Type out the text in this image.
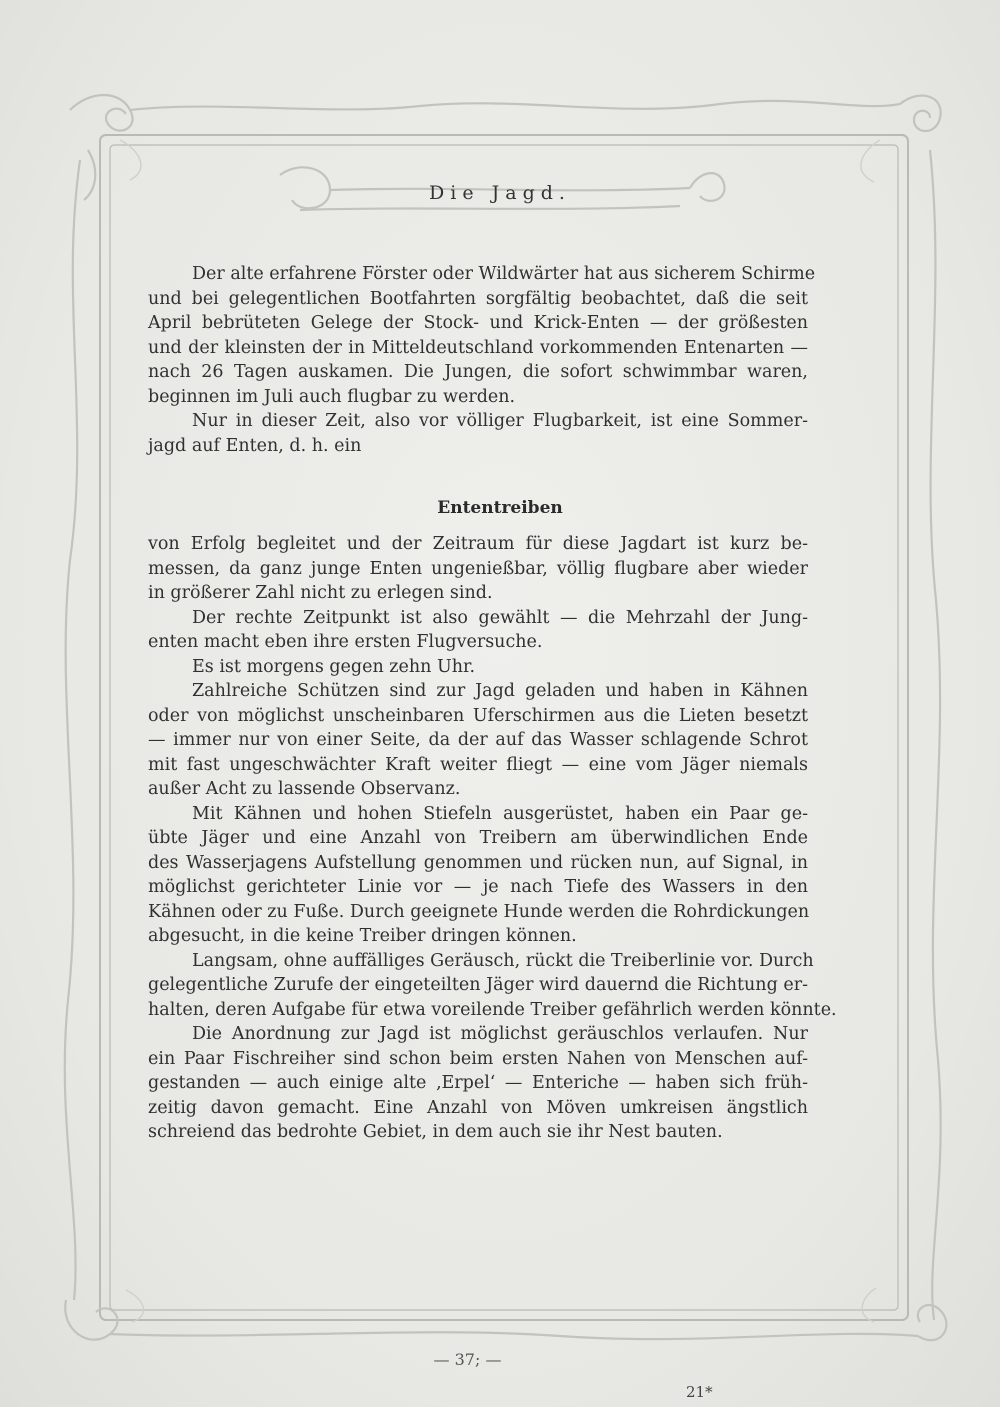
Die Jagd.
Der alte erfahrene Förster oder Wildwärter hat aus sicherem Schirme
und bei gelegentlichen Bootfahrten sorgfältig beobachtet, daß die seit
April bebrüteten Gelege der Stock- und Krick-Enten — der größesten
und der kleinsten der in Mitteldeutschland vorkommenden Entenarten —
nach 26 Tagen auskamen. Die Jungen, die sofort schwimmbar waren,
beginnen im Juli auch flugbar zu werden.
Nur in dieser Zeit, also vor völliger Flugbarkeit, ist eine Sommer-
jagd auf Enten, d. h. ein
Ententreiben
von Erfolg begleitet und der Zeitraum für diese Jagdart ist kurz be-
messen, da ganz junge Enten ungenießbar, völlig flugbare aber wieder
in größerer Zahl nicht zu erlegen sind.
Der rechte Zeitpunkt ist also gewählt — die Mehrzahl der Jung-
enten macht eben ihre ersten Flugversuche.
Es ist morgens gegen zehn Uhr.
Zahlreiche Schützen sind zur Jagd geladen und haben in Kähnen
oder von möglichst unscheinbaren Uferschirmen aus die Lieten besetzt
— immer nur von einer Seite, da der auf das Wasser schlagende Schrot
mit fast ungeschwächter Kraft weiter fliegt — eine vom Jäger niemals
außer Acht zu lassende Observanz.
Mit Kähnen und hohen Stiefeln ausgerüstet, haben ein Paar ge-
übte Jäger und eine Anzahl von Treibern am überwindlichen Ende
des Wasserjagens Aufstellung genommen und rücken nun, auf Signal, in
möglichst gerichteter Linie vor — je nach Tiefe des Wassers in den
Kähnen oder zu Fuße. Durch geeignete Hunde werden die Rohrdickungen
abgesucht, in die keine Treiber dringen können.
Langsam, ohne auffälliges Geräusch, rückt die Treiberlinie vor. Durch
gelegentliche Zurufe der eingeteilten Jäger wird dauernd die Richtung er-
halten, deren Aufgabe für etwa voreilende Treiber gefährlich werden könnte.
Die Anordnung zur Jagd ist möglichst geräuschlos verlaufen. Nur
ein Paar Fischreiher sind schon beim ersten Nahen von Menschen auf-
gestanden — auch einige alte ‚Erpel‘ — Enteriche — haben sich früh-
zeitig davon gemacht. Eine Anzahl von Möven umkreisen ängstlich
schreiend das bedrohte Gebiet, in dem auch sie ihr Nest bauten.
— 37; —
21*
